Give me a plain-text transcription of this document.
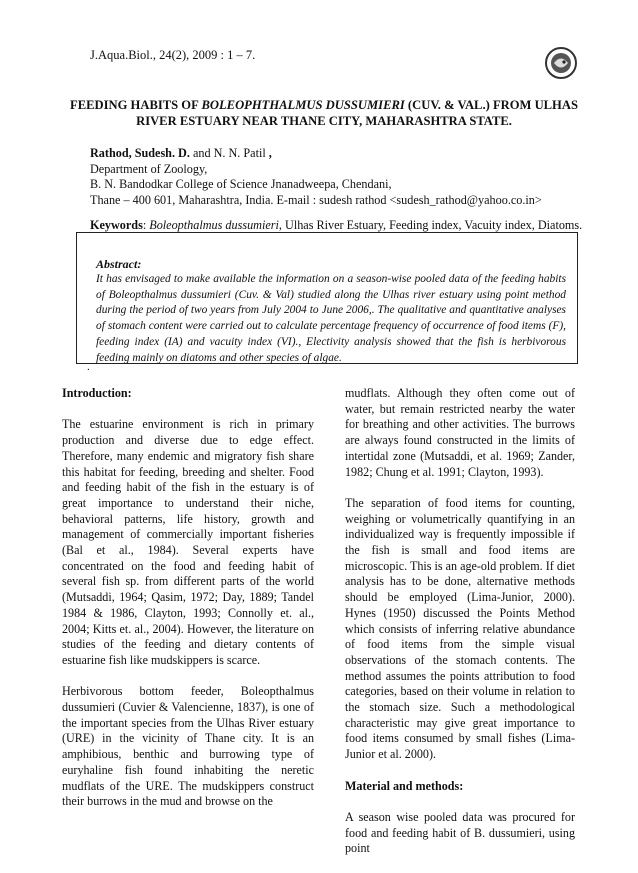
J.Aqua.Biol., 24(2), 2009 : 1 – 7.
FEEDING HABITS OF BOLEOPHTHALMUS DUSSUMIERI (CUV. & VAL.) FROM ULHAS
RIVER ESTUARY NEAR THANE CITY, MAHARASHTRA STATE.
Rathod, Sudesh. D. and N. N. Patil ,
Department of Zoology,
B. N. Bandodkar College of Science Jnanadweepa, Chendani,
Thane – 400 601, Maharashtra, India. E-mail : sudesh rathod <sudesh_rathod@yahoo.co.in>
Keywords: Boleopthalmus dussumieri, Ulhas River Estuary, Feeding index, Vacuity index, Diatoms.
Abstract:
It has envisaged to make available the information on a season-wise pooled data of the feeding habits of Boleopthalmus dussumieri (Cuv. & Val) studied along the Ulhas river estuary using point method during the period of two years from July 2004 to June 2006,. The qualitative and quantitative analyses of stomach content were carried out to calculate percentage frequency of occurrence of food items (F), feeding index (IA) and vacuity index (VI)., Electivity analysis showed that the fish is herbivorous feeding mainly on diatoms and other species of algae.
.

Introduction:

The estuarine environment is rich in primary production and diverse due to edge effect. Therefore, many endemic and migratory fish share this habitat for feeding, breeding and shelter. Food and feeding habit of the fish in the estuary is of great importance to understand their niche, behavioral patterns, life history, growth and management of commercially important fisheries (Bal et al., 1984). Several experts have concentrated on the food and feeding habit of several fish sp. from different parts of the world (Mutsaddi, 1964; Qasim, 1972; Day, 1889; Tandel 1984 & 1986, Clayton, 1993; Connolly et. al., 2004; Kitts et. al., 2004). However, the literature on studies of the feeding and dietary contents of estuarine fish like mudskippers is scarce.

Herbivorous bottom feeder, Boleopthalmus dussumieri (Cuvier & Valencienne, 1837), is one of the important species from the Ulhas River estuary (URE) in the vicinity of Thane city. It is an amphibious, benthic and burrowing type of euryhaline fish found inhabiting the neretic mudflats of the URE. The mudskippers construct their burrows in the mud and browse on the

mudflats. Although they often come out of water, but remain restricted nearby the water for breathing and other activities. The burrows are always found constructed in the limits of intertidal zone (Mutsaddi, et al. 1969; Zander, 1982; Chung et al. 1991; Clayton, 1993).

The separation of food items for counting, weighing or volumetrically quantifying in an individualized way is frequently impossible if the fish is small and food items are microscopic. This is an age-old problem. If diet analysis has to be done, alternative methods should be employed (Lima-Junior, 2000). Hynes (1950) discussed the Points Method which consists of inferring relative abundance of food items from the simple visual observations of the stomach contents. The method assumes the points attribution to food categories, based on their volume in relation to the stomach size. Such a methodological characteristic may give great importance to food items consumed by small fishes (Lima-Junior et al. 2000).

Material and methods:

A season wise pooled data was procured for food and feeding habit of B. dussumieri, using point
